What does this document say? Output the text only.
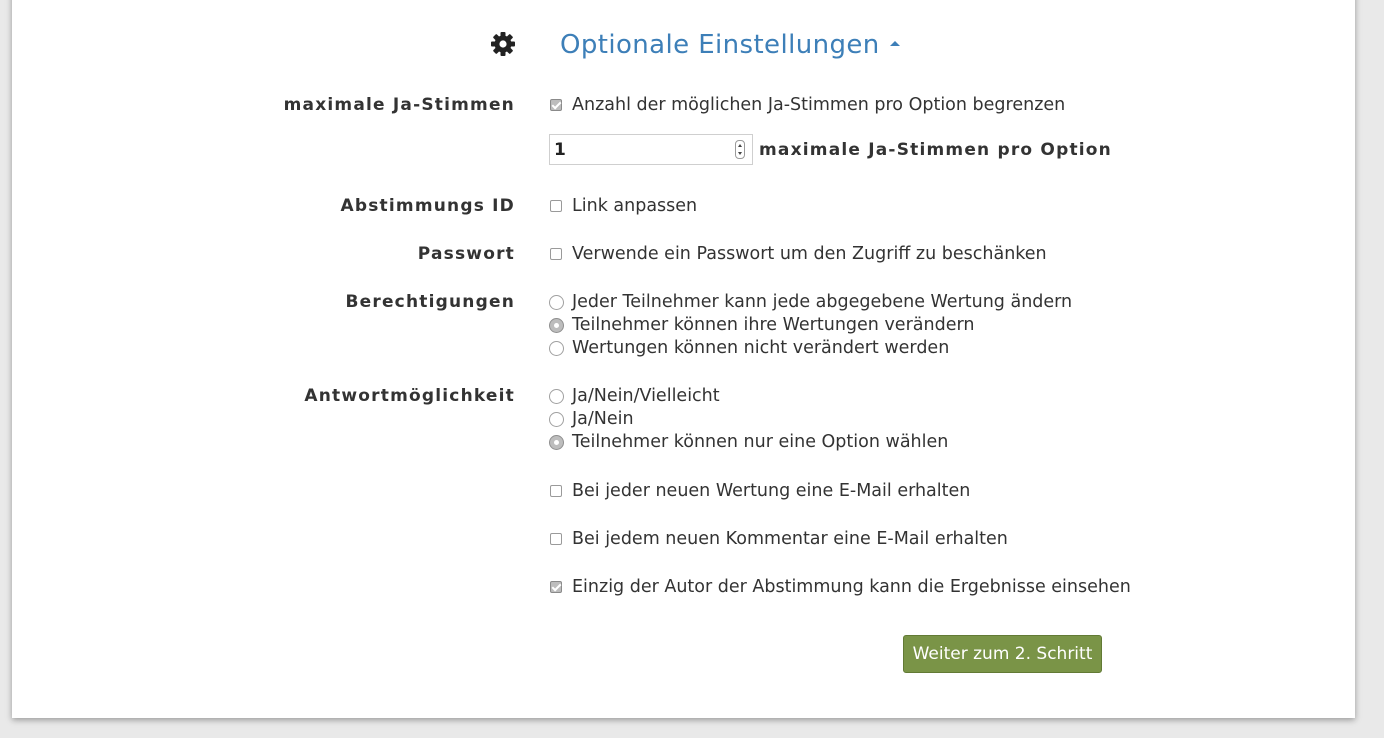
Optionale Einstellungen
maximale Ja-Stimmen	Anzahl der möglichen Ja-Stimmen pro Option begrenzen
1
maximale Ja-Stimmen pro Option
Abstimmungs ID	Link anpassen
Passwort	Verwende ein Passwort um den Zugriff zu beschänken
Berechtigungen	Jeder Teilnehmer kann jede abgegebene Wertung ändern
Teilnehmer können ihre Wertungen verändern
Wertungen können nicht verändert werden
Antwortmöglichkeit	Ja/Nein/Vielleicht
Ja/Nein
Teilnehmer können nur eine Option wählen
Bei jeder neuen Wertung eine E-Mail erhalten
Bei jedem neuen Kommentar eine E-Mail erhalten
Einzig der Autor der Abstimmung kann die Ergebnisse einsehen
Weiter zum 2. Schritt
